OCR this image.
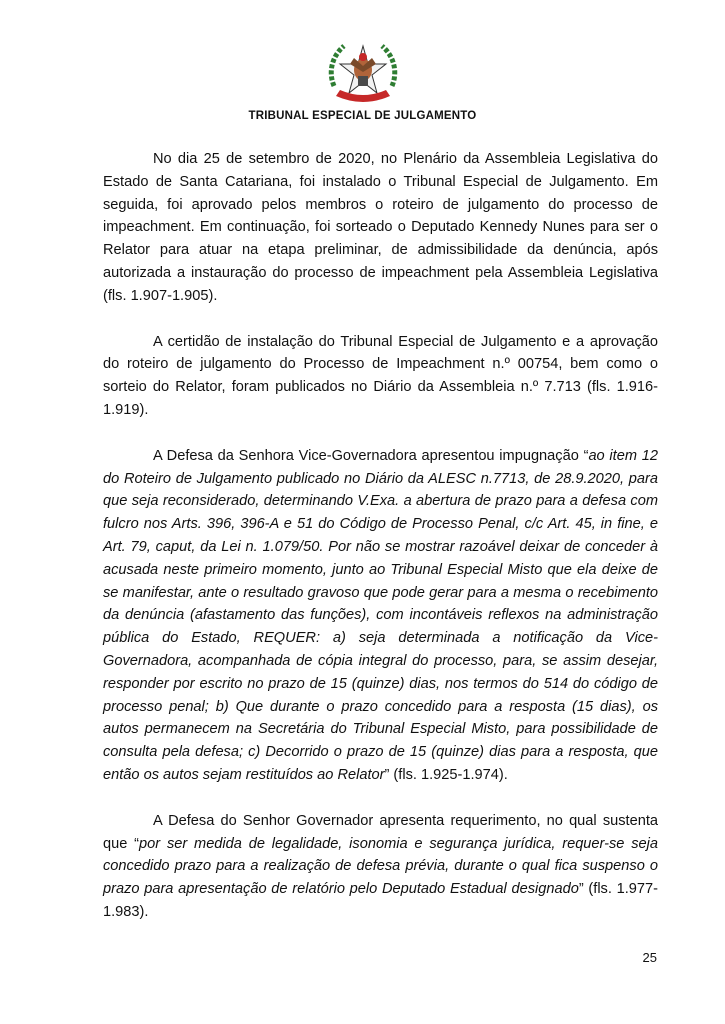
TRIBUNAL ESPECIAL DE JULGAMENTO

No dia 25 de setembro de 2020, no Plenário da Assembleia Legislativa do Estado de Santa Catariana, foi instalado o Tribunal Especial de Julgamento. Em seguida, foi aprovado pelos membros o roteiro de julgamento do processo de impeachment. Em continuação, foi sorteado o Deputado Kennedy Nunes para ser o Relator para atuar na etapa preliminar, de admissibilidade da denúncia, após autorizada a instauração do processo de impeachment pela Assembleia Legislativa (fls. 1.907-1.905).

A certidão de instalação do Tribunal Especial de Julgamento e a aprovação do roteiro de julgamento do Processo de Impeachment n.º 00754, bem como o sorteio do Relator, foram publicados no Diário da Assembleia n.º 7.713 (fls. 1.916-1.919).

A Defesa da Senhora Vice-Governadora apresentou impugnação “ao item 12 do Roteiro de Julgamento publicado no Diário da ALESC n.7713, de 28.9.2020, para que seja reconsiderado, determinando V.Exa. a abertura de prazo para a defesa com fulcro nos Arts. 396, 396-A e 51 do Código de Processo Penal, c/c Art. 45, in fine, e Art. 79, caput, da Lei n. 1.079/50. Por não se mostrar razoável deixar de conceder à acusada neste primeiro momento, junto ao Tribunal Especial Misto que ela deixe de se manifestar, ante o resultado gravoso que pode gerar para a mesma o recebimento da denúncia (afastamento das funções), com incontáveis reflexos na administração pública do Estado, REQUER: a) seja determinada a notificação da Vice-Governadora, acompanhada de cópia integral do processo, para, se assim desejar, responder por escrito no prazo de 15 (quinze) dias, nos termos do 514 do código de processo penal; b) Que durante o prazo concedido para a resposta (15 dias), os autos permanecem na Secretária do Tribunal Especial Misto, para possibilidade de consulta pela defesa; c) Decorrido o prazo de 15 (quinze) dias para a resposta, que então os autos sejam restituídos ao Relator” (fls. 1.925-1.974).

A Defesa do Senhor Governador apresenta requerimento, no qual sustenta que “por ser medida de legalidade, isonomia e segurança jurídica, requer-se seja concedido prazo para a realização de defesa prévia, durante o qual fica suspenso o prazo para apresentação de relatório pelo Deputado Estadual designado” (fls. 1.977-1.983).

25
